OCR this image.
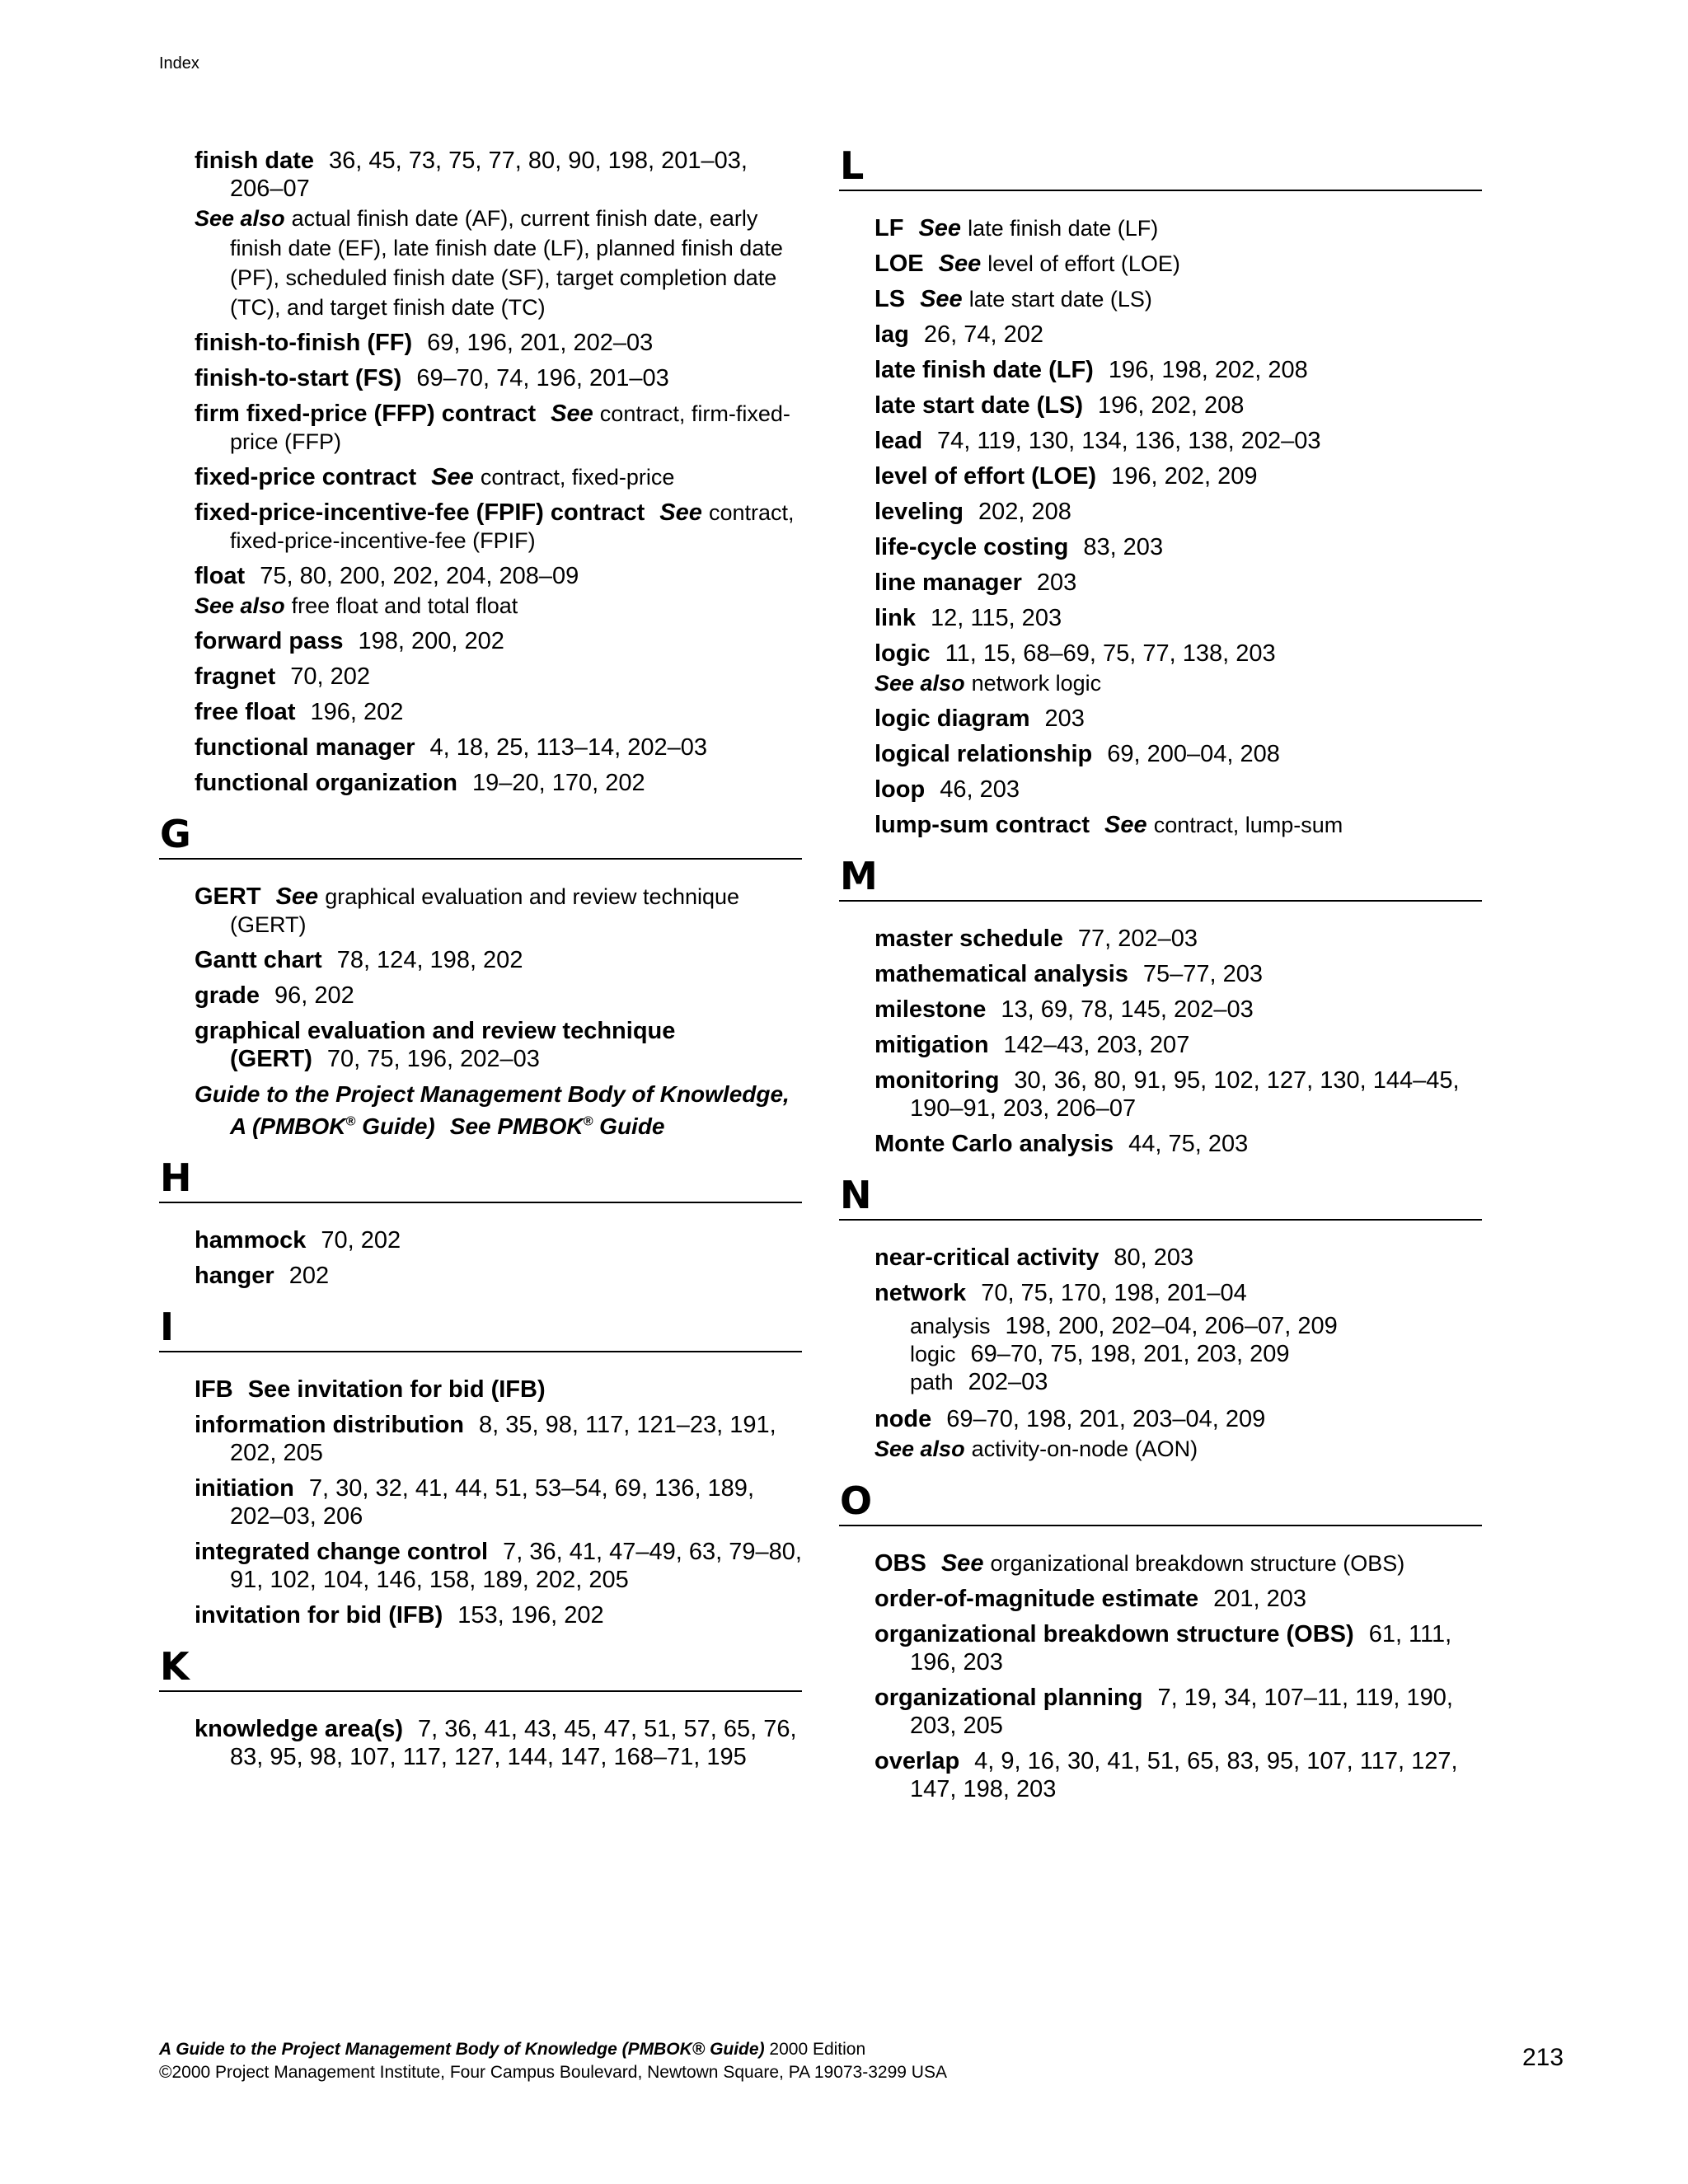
Index
finish date 36, 45, 73, 75, 77, 80, 90, 198, 201–03, 206–07
See also actual finish date (AF), current finish date, early finish date (EF), late finish date (LF), planned finish date (PF), scheduled finish date (SF), target completion date (TC), and target finish date (TC)
finish-to-finish (FF) 69, 196, 201, 202–03
finish-to-start (FS) 69–70, 74, 196, 201–03
firm fixed-price (FFP) contract See contract, firm-fixed-price (FFP)
fixed-price contract See contract, fixed-price
fixed-price-incentive-fee (FPIF) contract See contract, fixed-price-incentive-fee (FPIF)
float 75, 80, 200, 202, 204, 208–09
See also free float and total float
forward pass 198, 200, 202
fragnet 70, 202
free float 196, 202
functional manager 4, 18, 25, 113–14, 202–03
functional organization 19–20, 170, 202
G
GERT See graphical evaluation and review technique (GERT)
Gantt chart 78, 124, 198, 202
grade 96, 202
graphical evaluation and review technique (GERT) 70, 75, 196, 202–03
Guide to the Project Management Body of Knowledge, A (PMBOK® Guide) See PMBOK® Guide
H
hammock 70, 202
hanger 202
I
IFB See invitation for bid (IFB)
information distribution 8, 35, 98, 117, 121–23, 191, 202, 205
initiation 7, 30, 32, 41, 44, 51, 53–54, 69, 136, 189, 202–03, 206
integrated change control 7, 36, 41, 47–49, 63, 79–80, 91, 102, 104, 146, 158, 189, 202, 205
invitation for bid (IFB) 153, 196, 202
K
knowledge area(s) 7, 36, 41, 43, 45, 47, 51, 57, 65, 76, 83, 95, 98, 107, 117, 127, 144, 147, 168–71, 195
L
LF See late finish date (LF)
LOE See level of effort (LOE)
LS See late start date (LS)
lag 26, 74, 202
late finish date (LF) 196, 198, 202, 208
late start date (LS) 196, 202, 208
lead 74, 119, 130, 134, 136, 138, 202–03
level of effort (LOE) 196, 202, 209
leveling 202, 208
life-cycle costing 83, 203
line manager 203
link 12, 115, 203
logic 11, 15, 68–69, 75, 77, 138, 203
See also network logic
logic diagram 203
logical relationship 69, 200–04, 208
loop 46, 203
lump-sum contract See contract, lump-sum
M
master schedule 77, 202–03
mathematical analysis 75–77, 203
milestone 13, 69, 78, 145, 202–03
mitigation 142–43, 203, 207
monitoring 30, 36, 80, 91, 95, 102, 127, 130, 144–45, 190–91, 203, 206–07
Monte Carlo analysis 44, 75, 203
N
near-critical activity 80, 203
network 70, 75, 170, 198, 201–04
analysis 198, 200, 202–04, 206–07, 209
logic 69–70, 75, 198, 201, 203, 209
path 202–03
node 69–70, 198, 201, 203–04, 209
See also activity-on-node (AON)
O
OBS See organizational breakdown structure (OBS)
order-of-magnitude estimate 201, 203
organizational breakdown structure (OBS) 61, 111, 196, 203
organizational planning 7, 19, 34, 107–11, 119, 190, 203, 205
overlap 4, 9, 16, 30, 41, 51, 65, 83, 95, 107, 117, 127, 147, 198, 203
A Guide to the Project Management Body of Knowledge (PMBOK® Guide) 2000 Edition
©2000 Project Management Institute, Four Campus Boulevard, Newtown Square, PA 19073-3299 USA
213
